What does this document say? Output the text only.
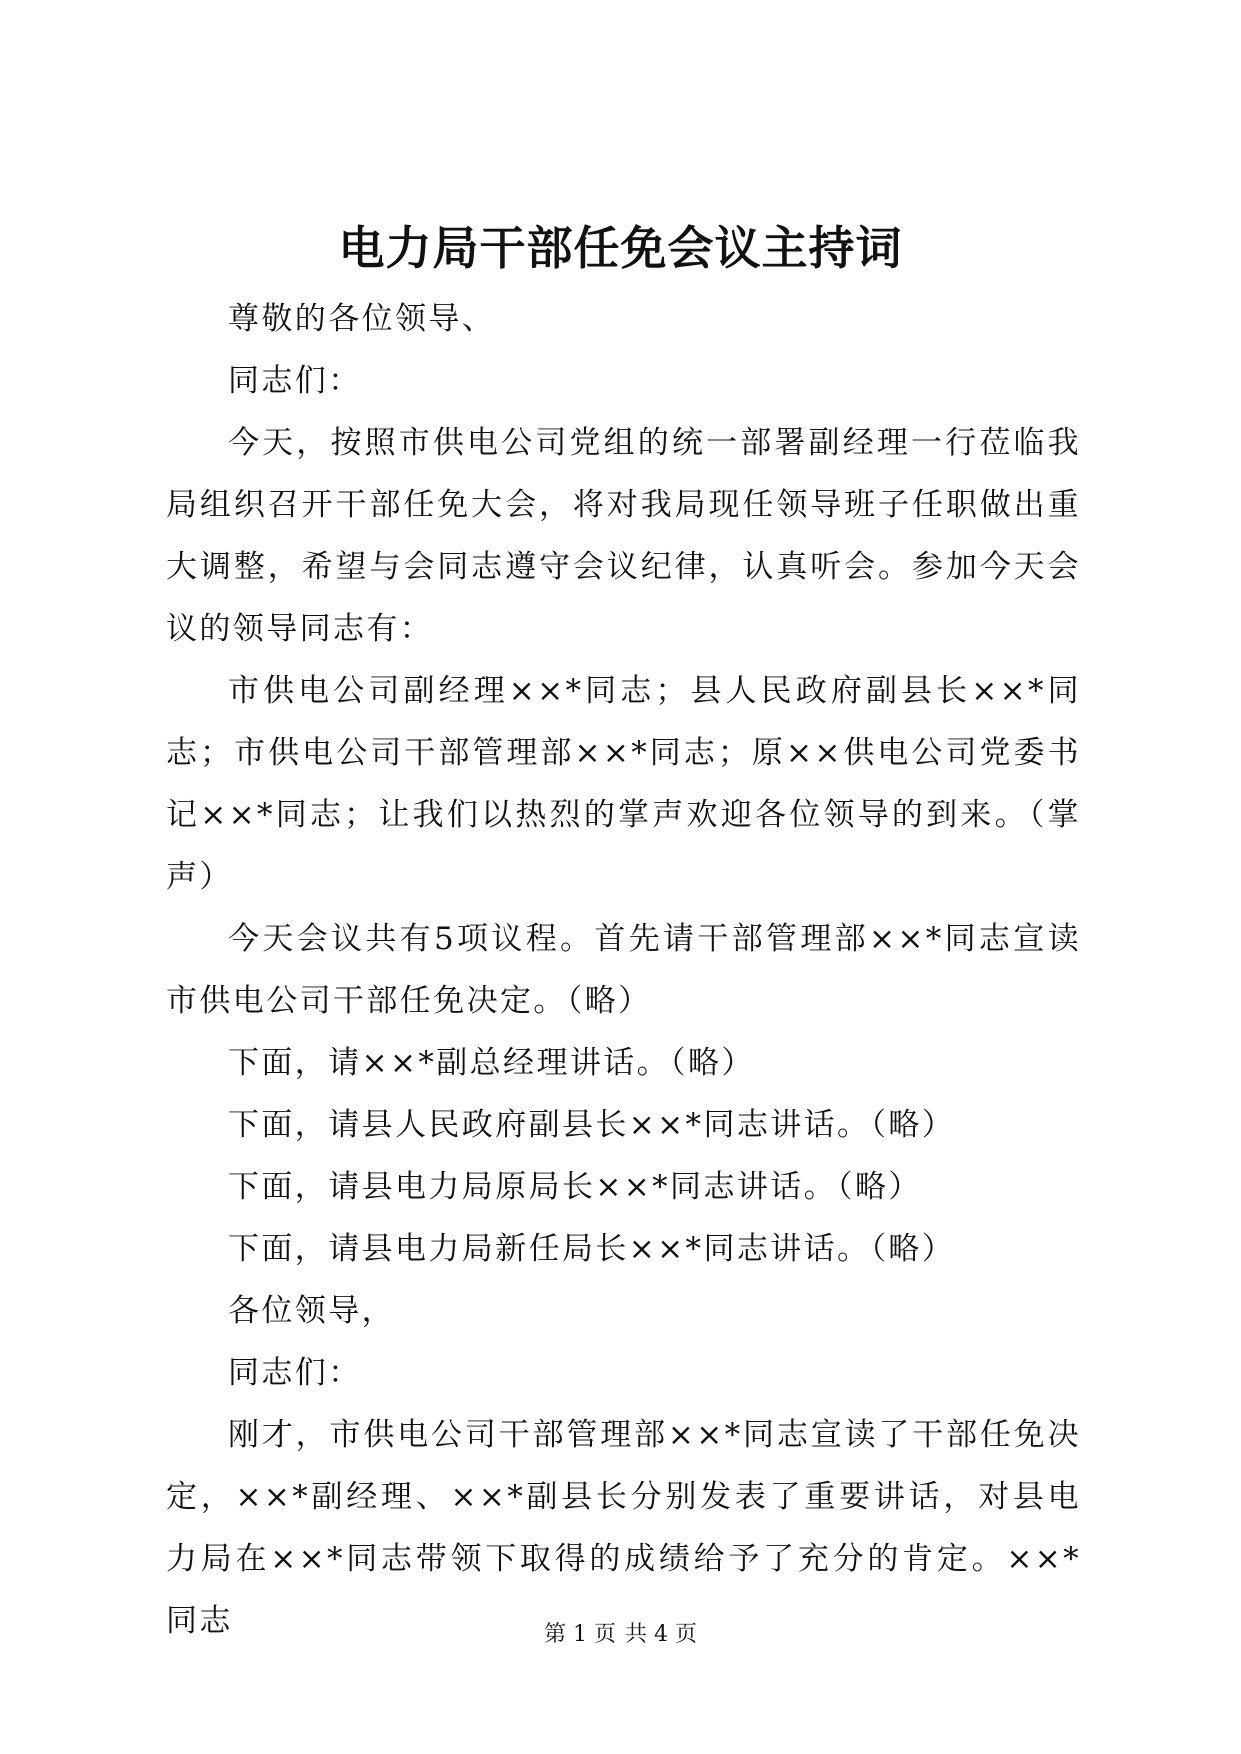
电力局干部任免会议主持词

尊敬的各位领导、

同志们：

今天，按照市供电公司党组的统一部署副经理一行莅临我局组织召开干部任免大会，将对我局现任领导班子任职做出重大调整，希望与会同志遵守会议纪律，认真听会。参加今天会议的领导同志有：

市供电公司副经理××*同志；县人民政府副县长××*同志；市供电公司干部管理部××*同志；原××供电公司党委书记××*同志；让我们以热烈的掌声欢迎各位领导的到来。（掌声）

今天会议共有5项议程。首先请干部管理部××*同志宣读市供电公司干部任免决定。（略）

下面，请××*副总经理讲话。（略）

下面，请县人民政府副县长××*同志讲话。（略）

下面，请县电力局原局长××*同志讲话。（略）

下面，请县电力局新任局长××*同志讲话。（略）

各位领导，

同志们：

刚才，市供电公司干部管理部××*同志宣读了干部任免决定，××*副经理、××*副县长分别发表了重要讲话，对县电力局在××*同志带领下取得的成绩给予了充分的肯定。××*同志	第 1 页 共 4 页
